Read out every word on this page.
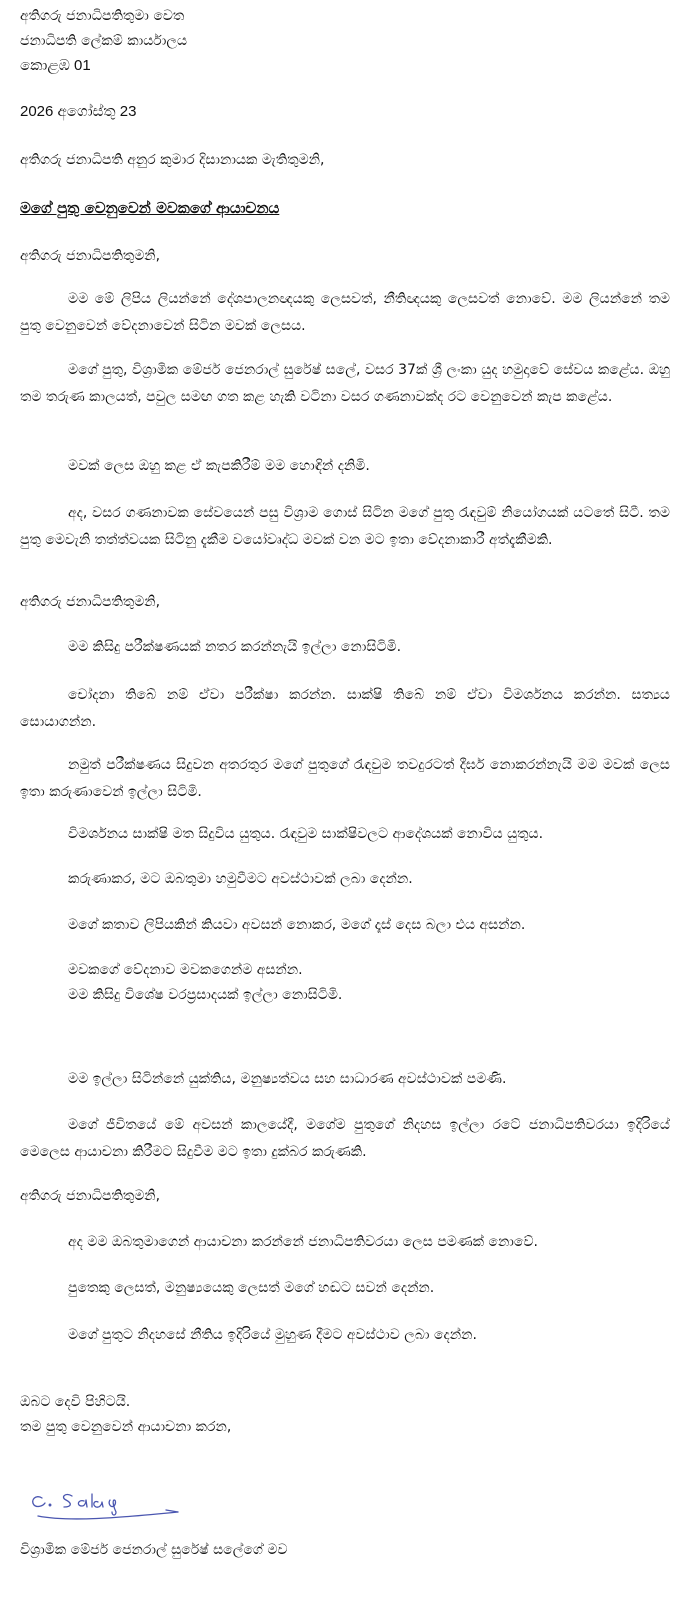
අතිගරු ජනාධිපතිතුමා වෙත
ජනාධිපති ලේකම් කාර්යාලය
කොළඹ 01
2026 අගෝස්තු 23
අතිගරු ජනාධිපති අනුර කුමාර දිසානායක මැතිතුමනි,
මගේ පුතු වෙනුවෙන් මවකගේ ආයාචනය
අතිගරු ජනාධිපතිතුමනි,
මම මේ ලිපිය ලියන්නේ දේශපාලනඥයකු ලෙසවත්, නීතිඥයකු ලෙසවත් නොවේ. මම ලියන්නේ තම පුතු වෙනුවෙන් වේදනාවෙන් සිටින මවක් ලෙසය.
මගේ පුතු, විශ්‍රාමික මේජර් ජෙනරාල් සුරේෂ් සලේ, වසර 37ක් ශ්‍රී ලංකා යුද හමුදාවේ සේවය කළේය. ඔහු තම තරුණ කාලයත්, පවුල සමඟ ගත කළ හැකි වටිනා වසර ගණනාවක්ද රට වෙනුවෙන් කැප කළේය.
මවක් ලෙස ඔහු කළ ඒ කැපකිරීම් මම හොඳින් දනිමි.
අද, වසර ගණනාවක සේවයෙන් පසු විශ්‍රාම ගොස් සිටින මගේ පුතු රැඳවුම් නියෝගයක් යටතේ සිටී. තම පුතු මෙවැනි තත්ත්වයක සිටිනු දැකීම වයෝවෘද්ධ මවක් වන මට ඉතා වේදනාකාරී අත්දැකීමකි.
අතිගරු ජනාධිපතිතුමනි,
මම කිසිදු පරීක්ෂණයක් නතර කරන්නැයි ඉල්ලා නොසිටිමි.
චෝදනා තිබේ නම් ඒවා පරීක්ෂා කරන්න. සාක්ෂි තිබේ නම් ඒවා විමර්ශනය කරන්න. සත්‍යය සොයාගන්න.
නමුත් පරීක්ෂණය සිදුවන අතරතුර මගේ පුතුගේ රැඳවුම තවදුරටත් දීර්ඝ නොකරන්නැයි මම මවක් ලෙස ඉතා කරුණාවෙන් ඉල්ලා සිටිමි.
විමර්ශනය සාක්ෂි මත සිදුවිය යුතුය. රැඳවුම සාක්ෂිවලට ආදේශයක් නොවිය යුතුය.
කරුණාකර, මට ඔබතුමා හමුවීමට අවස්ථාවක් ලබා දෙන්න.
මගේ කතාව ලිපියකින් කියවා අවසන් නොකර, මගේ දෑස් දෙස බලා එය අසන්න.
මවකගේ වේදනාව මවකගෙන්ම අසන්න.
මම කිසිදු විශේෂ වරප්‍රසාදයක් ඉල්ලා නොසිටිමි.
මම ඉල්ලා සිටින්නේ යුක්තිය, මනුෂ්‍යත්වය සහ සාධාරණ අවස්ථාවක් පමණි.
මගේ ජීවිතයේ මේ අවසන් කාලයේදී, මගේම පුතුගේ නිදහස ඉල්ලා රටේ ජනාධිපතිවරයා ඉදිරියේ මෙලෙස ආයාචනා කිරීමට සිදුවීම මට ඉතා දුක්බර කරුණකි.
අතිගරු ජනාධිපතිතුමනි,
අද මම ඔබතුමාගෙන් ආයාචනා කරන්නේ ජනාධිපතිවරයා ලෙස පමණක් නොවේ.
පුතෙකු ලෙසත්, මනුෂ්‍යයෙකු ලෙසත් මගේ හඬට සවන් දෙන්න.
මගේ පුතුට නිදහසේ නීතිය ඉදිරියේ මුහුණ දීමට අවස්ථාව ලබා දෙන්න.
ඔබට දෙවි පිහිටයි.
තම පුතු වෙනුවෙන් ආයාචනා කරන,
විශ්‍රාමික මේජර් ජෙනරාල් සුරේෂ් සලේගේ මව
